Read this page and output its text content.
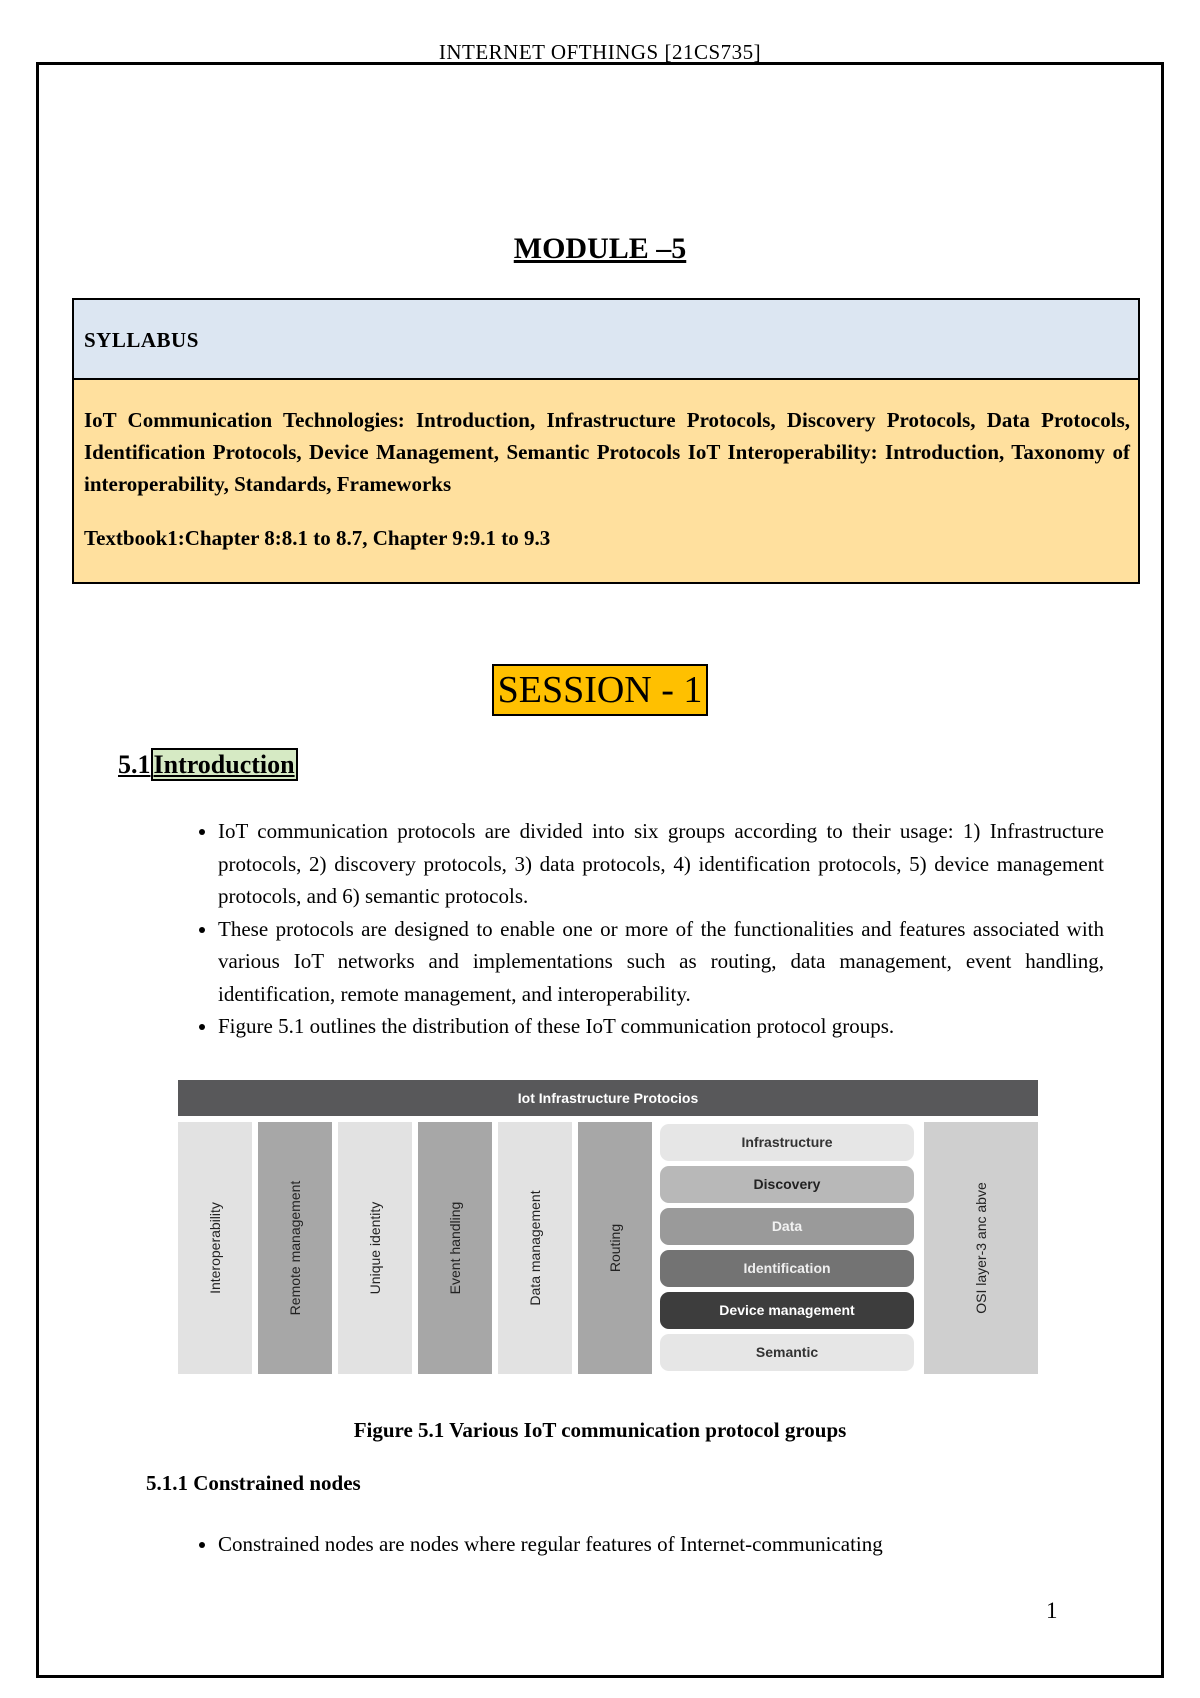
INTERNET OFTHINGS [21CS735]
MODULE –5
SYLLABUS

IoT Communication Technologies: Introduction, Infrastructure Protocols, Discovery Protocols, Data Protocols, Identification Protocols, Device Management, Semantic Protocols IoT Interoperability: Introduction, Taxonomy of interoperability, Standards, Frameworks

Textbook1:Chapter 8:8.1 to 8.7, Chapter 9:9.1 to 9.3

SESSION - 1
5.1 Introduction
• IoT communication protocols are divided into six groups according to their usage: 1) Infrastructure protocols, 2) discovery protocols, 3) data protocols, 4) identification protocols, 5) device management protocols, and 6) semantic protocols.
• These protocols are designed to enable one or more of the functionalities and features associated with various IoT networks and implementations such as routing, data management, event handling, identification, remote management, and interoperability.
• Figure 5.1 outlines the distribution of these IoT communication protocol groups.
Iot Infrastructure Protocios
Interoperability	Remote management	Unique identity	Event handling	Data management	Routing
Infrastructure
Discovery
Data
Identification
Device management
Semantic
OSI layer-3 anc abve
Figure 5.1 Various IoT communication protocol groups
5.1.1 Constrained nodes
• Constrained nodes are nodes where regular features of Internet-communicating
1
